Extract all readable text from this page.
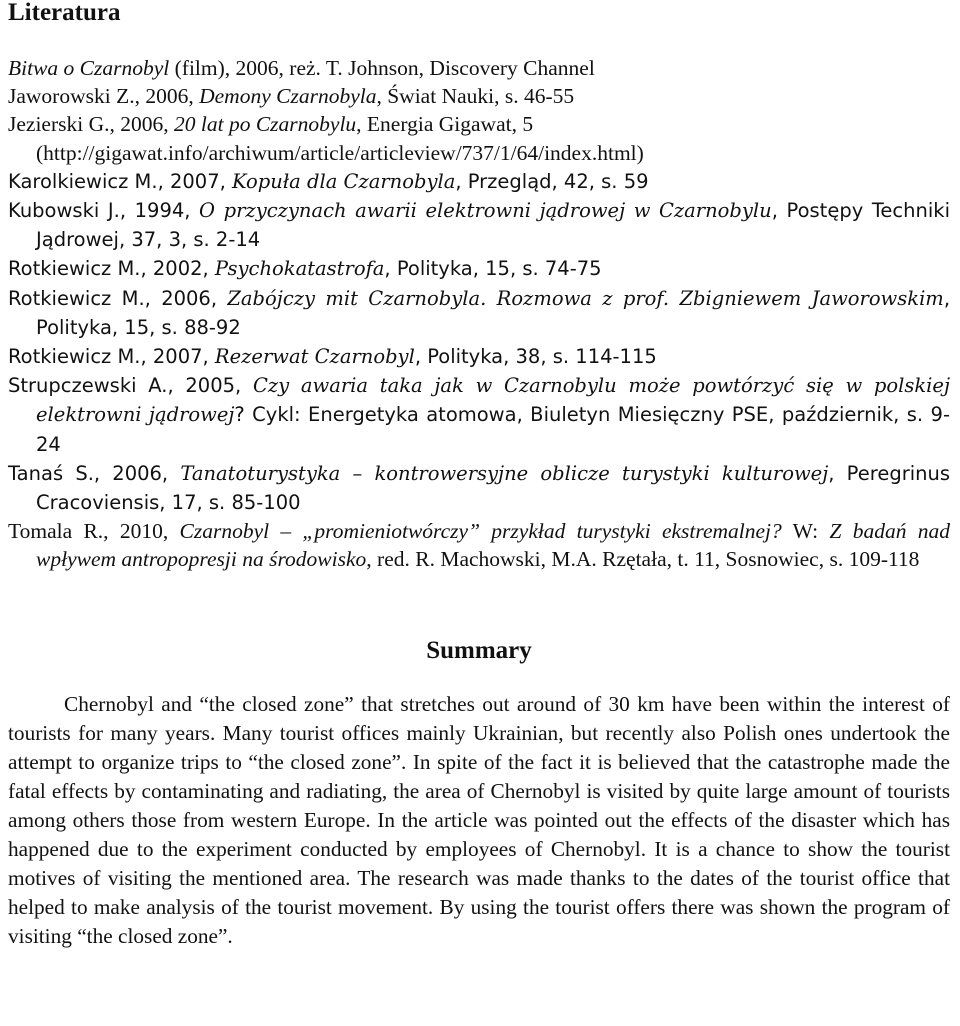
Literatura

Bitwa o Czarnobyl (film), 2006, reż. T. Johnson, Discovery Channel

Jaworowski Z., 2006, Demony Czarnobyla, Świat Nauki, s. 46-55

Jezierski G., 2006, 20 lat po Czarnobylu, Energia Gigawat, 5 (http://gigawat.info/archiwum/article/articleview/737/1/64/index.html)

Karolkiewicz M., 2007, Kopuła dla Czarnobyla, Przegląd, 42, s. 59

Kubowski J., 1994, O przyczynach awarii elektrowni jądrowej w Czarnobylu, Postępy Techniki Jądrowej, 37, 3, s. 2-14

Rotkiewicz M., 2002, Psychokatastrofa, Polityka, 15, s. 74-75

Rotkiewicz M., 2006, Zabójczy mit Czarnobyla. Rozmowa z prof. Zbigniewem Jaworowskim, Polityka, 15, s. 88-92

Rotkiewicz M., 2007, Rezerwat Czarnobyl, Polityka, 38, s. 114-115

Strupczewski A., 2005, Czy awaria taka jak w Czarnobylu może powtórzyć się w polskiej elektrowni jądrowej? Cykl: Energetyka atomowa, Biuletyn Miesięczny PSE, październik, s. 9-24

Tanaś S., 2006, Tanatoturystyka – kontrowersyjne oblicze turystyki kulturowej, Peregrinus Cracoviensis, 17, s. 85-100

Tomala R., 2010, Czarnobyl – „promieniotwórczy” przykład turystyki ekstremalnej? W: Z badań nad wpływem antropopresji na środowisko, red. R. Machowski, M.A. Rzętała, t. 11, Sosnowiec, s. 109-118

Summary

Chernobyl and “the closed zone” that stretches out around of 30 km have been within the interest of tourists for many years. Many tourist offices mainly Ukrainian, but recently also Polish ones undertook the attempt to organize trips to “the closed zone”. In spite of the fact it is believed that the catastrophe made the fatal effects by contaminating and radiating, the area of Chernobyl is visited by quite large amount of tourists among others those from western Europe. In the article was pointed out the effects of the disaster which has happened due to the experiment conducted by employees of Chernobyl. It is a chance to show the tourist motives of visiting the mentioned area. The research was made thanks to the dates of the tourist office that helped to make analysis of the tourist movement. By using the tourist offers there was shown the program of visiting “the closed zone”.
